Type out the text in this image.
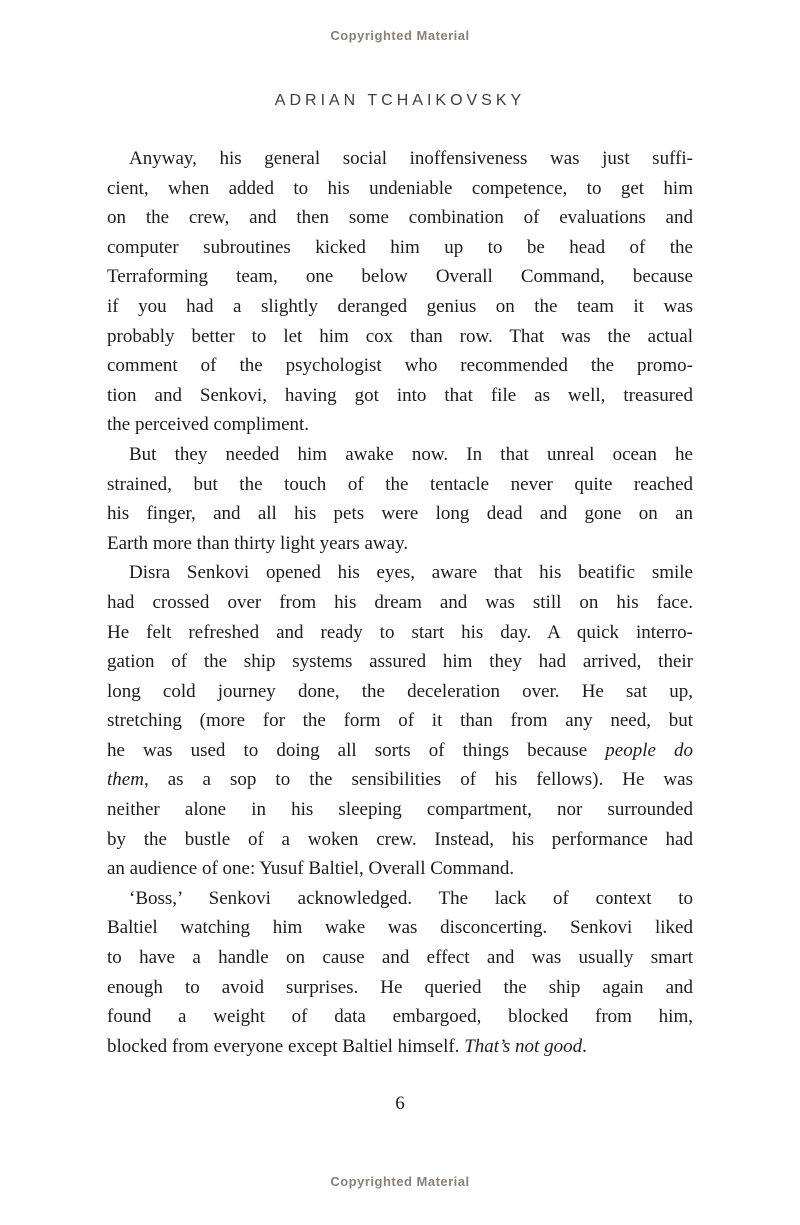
Copyrighted Material
ADRIAN TCHAIKOVSKY
Anyway, his general social inoffensiveness was just suffi-
cient, when added to his undeniable competence, to get him
on the crew, and then some combination of evaluations and
computer subroutines kicked him up to be head of the
Terraforming team, one below Overall Command, because
if you had a slightly deranged genius on the team it was
probably better to let him cox than row. That was the actual
comment of the psychologist who recommended the promo-
tion and Senkovi, having got into that file as well, treasured
the perceived compliment.
But they needed him awake now. In that unreal ocean he
strained, but the touch of the tentacle never quite reached
his finger, and all his pets were long dead and gone on an
Earth more than thirty light years away.
Disra Senkovi opened his eyes, aware that his beatific smile
had crossed over from his dream and was still on his face.
He felt refreshed and ready to start his day. A quick interro-
gation of the ship systems assured him they had arrived, their
long cold journey done, the deceleration over. He sat up,
stretching (more for the form of it than from any need, but
he was used to doing all sorts of things because people do
them, as a sop to the sensibilities of his fellows). He was
neither alone in his sleeping compartment, nor surrounded
by the bustle of a woken crew. Instead, his performance had
an audience of one: Yusuf Baltiel, Overall Command.
‘Boss,’ Senkovi acknowledged. The lack of context to
Baltiel watching him wake was disconcerting. Senkovi liked
to have a handle on cause and effect and was usually smart
enough to avoid surprises. He queried the ship again and
found a weight of data embargoed, blocked from him,
blocked from everyone except Baltiel himself. That’s not good.
6
Copyrighted Material
